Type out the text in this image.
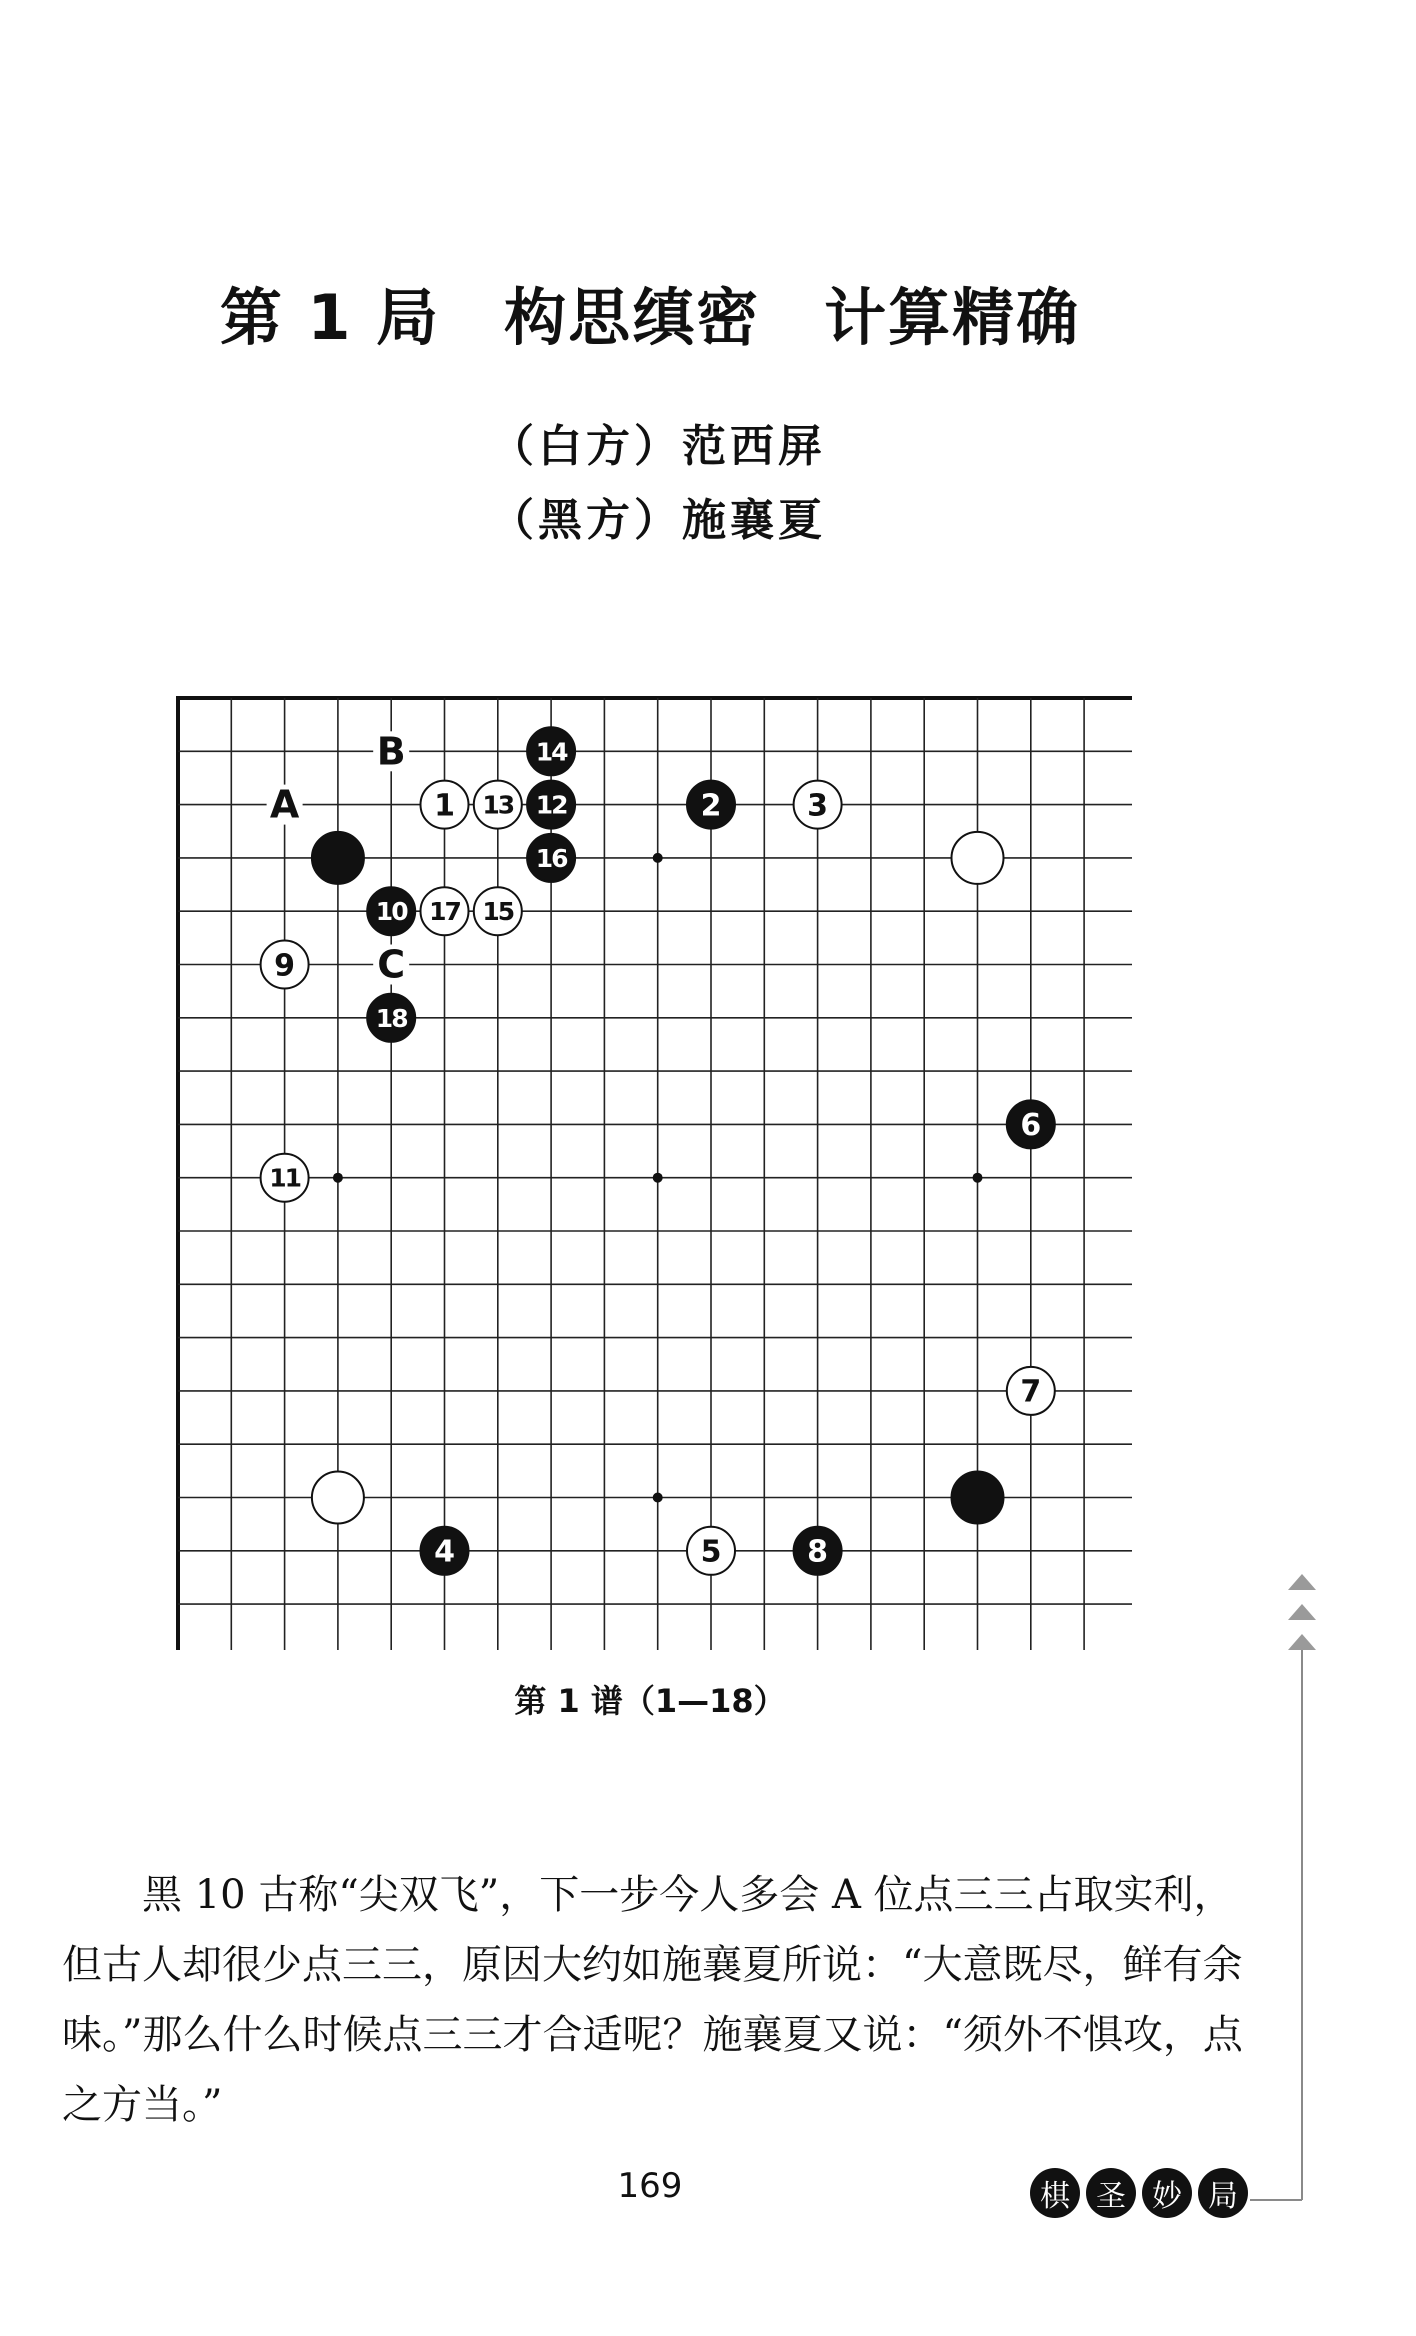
第 1 局　构思缜密　计算精确
（白方）范西屏
（黑方）施襄夏
A
B
C
1	2	3
4	5
6
7
8
9
10
11
12
13
14
15
16
17
18
第 1 谱（1—18）
黑 10 古称“尖双飞”，下一步今人多会 A 位点三三占取实利，但古人却很少点三三，原因大约如施襄夏所说：“大意既尽，鲜有余味。”那么什么时候点三三才合适呢？施襄夏又说：“须外不惧攻，点之方当。”
169	棋 圣 妙 局
